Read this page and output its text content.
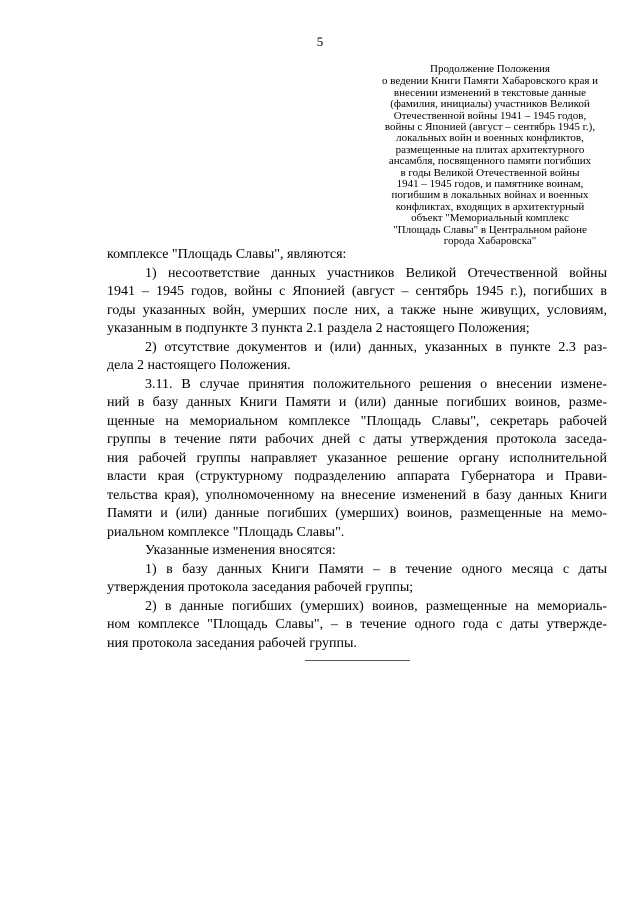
5
Продолжение Положения
о ведении Книги Памяти Хабаровского края и
внесении изменений в текстовые данные
(фамилия, инициалы) участников Великой
Отечественной войны 1941 – 1945 годов,
войны с Японией (август – сентябрь 1945 г.),
локальных войн и военных конфликтов,
размещенные на плитах архитектурного
ансамбля, посвященного памяти погибших
в годы Великой Отечественной войны
1941 – 1945 годов, и памятнике воинам,
погибшим в локальных войнах и военных
конфликтах, входящих в архитектурный
объект "Мемориальный комплекс
"Площадь Славы" в Центральном районе
города Хабаровска"
комплексе "Площадь Славы", являются:
1) несоответствие данных участников Великой Отечественной войны
1941 – 1945 годов, войны с Японией (август – сентябрь 1945 г.), погибших в
годы указанных войн, умерших после них, а также ныне живущих, условиям,
указанным в подпункте 3 пункта 2.1 раздела 2 настоящего Положения;
2) отсутствие документов и (или) данных, указанных в пункте 2.3 раз-
дела 2 настоящего Положения.
3.11. В случае принятия положительного решения о внесении измене-
ний в базу данных Книги Памяти и (или) данные погибших воинов, разме-
щенные на мемориальном комплексе "Площадь Славы", секретарь рабочей
группы в течение пяти рабочих дней с даты утверждения протокола заседа-
ния рабочей группы направляет указанное решение органу исполнительной
власти края (структурному подразделению аппарата Губернатора и Прави-
тельства края), уполномоченному на внесение изменений в базу данных Книги
Памяти и (или) данные погибших (умерших) воинов, размещенные на мемо-
риальном комплексе "Площадь Славы".
Указанные изменения вносятся:
1) в базу данных Книги Памяти – в течение одного месяца с даты
утверждения протокола заседания рабочей группы;
2) в данные погибших (умерших) воинов, размещенные на мемориаль-
ном комплексе "Площадь Славы", – в течение одного года с даты утвержде-
ния протокола заседания рабочей группы.
